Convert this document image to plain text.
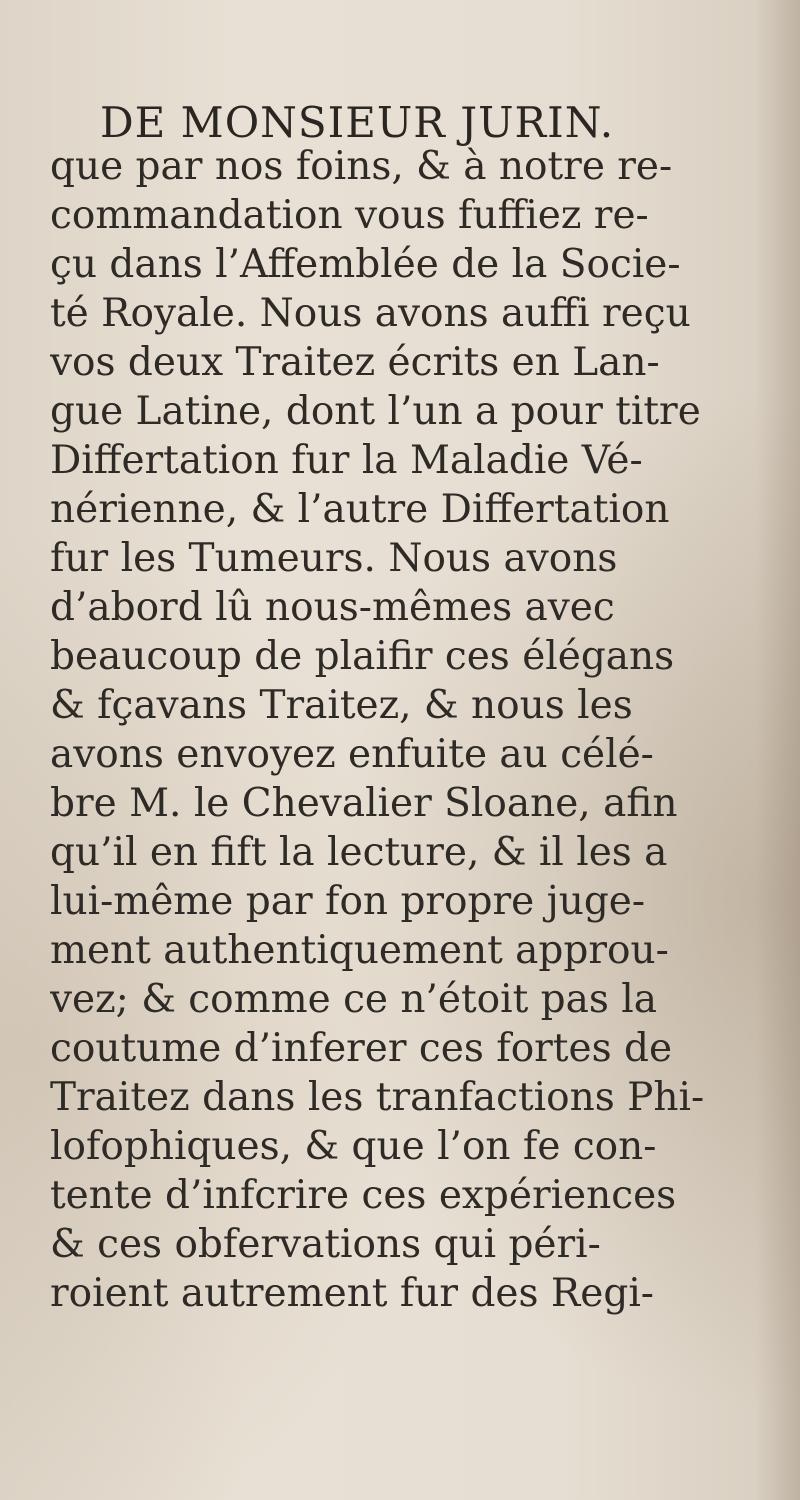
DE MONSIEUR JURIN.
que par nos foins, & à notre re-
commandation vous fuffiez re-
çu dans l’Affemblée de la Socie-
té Royale. Nous avons auffi reçu
vos deux Traitez écrits en Lan-
gue Latine, dont l’un a pour titre
Differtation fur la Maladie Vé-
nérienne, & l’autre Differtation
fur les Tumeurs. Nous avons
d’abord lû nous-mêmes avec
beaucoup de plaifir ces élégans
& fçavans Traitez, & nous les
avons envoyez enfuite au célé-
bre M. le Chevalier Sloane, afin
qu’il en fift la lecture, & il les a
lui-même par fon propre juge-
ment authentiquement approu-
vez; & comme ce n’étoit pas la
coutume d’inferer ces fortes de
Traitez dans les tranfactions Phi-
lofophiques, & que l’on fe con-
tente d’infcrire ces expériences
& ces obfervations qui péri-
roient autrement fur des Regi-
